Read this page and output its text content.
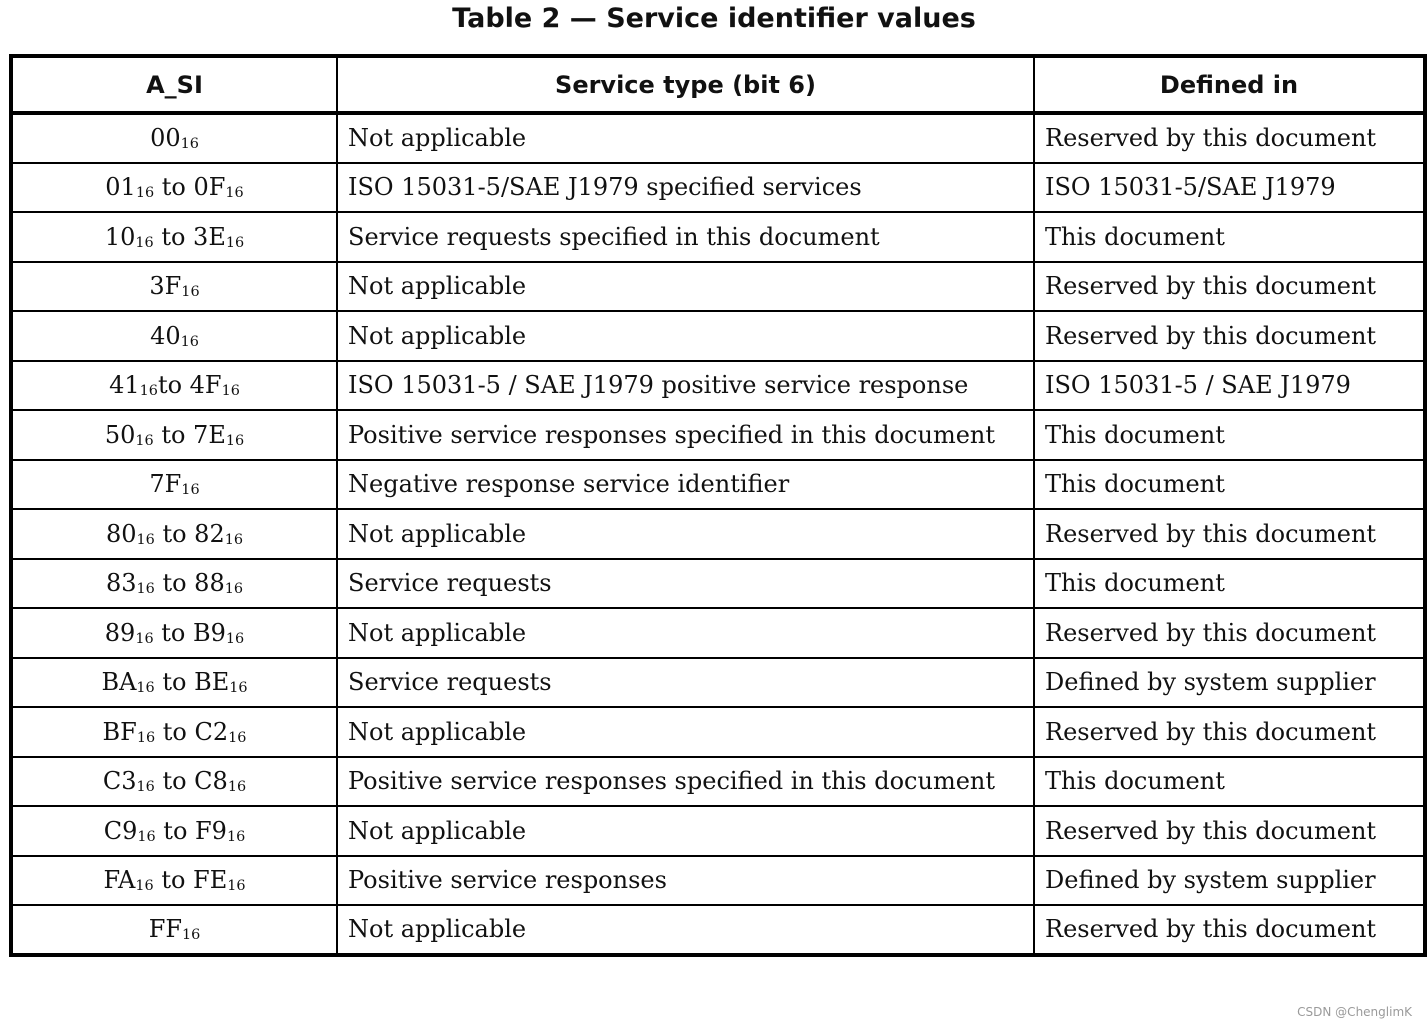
Table 2 — Service identifier values
A_SI	Service type (bit 6)	Defined in
$00_{16}$	Not applicable	Reserved by this document
$01_{16}$ to $0F_{16}$	ISO 15031-5/SAE J1979 specified services	ISO 15031-5/SAE J1979
$10_{16}$ to $3E_{16}$	Service requests specified in this document	This document
$3F_{16}$	Not applicable	Reserved by this document
$40_{16}$	Not applicable	Reserved by this document
$41_{16}to$ $4F_{16}$	ISO 15031-5 / SAE J1979 positive service response	ISO 15031-5 / SAE J1979
$50_{16}$ to $7E_{16}$	Positive service responses specified in this document	This document
$7F_{16}$	Negative response service identifier	This document
$80_{16}$ to $82_{16}$	Not applicable	Reserved by this document
$83_{16}$ to $88_{16}$	Service requests	This document
$89_{16}$ to $B9_{16}$	Not applicable	Reserved by this document
$BA_{16}$ to $BE_{16}$	Service requests	Defined by system supplier
$BF_{16}$ to $C2_{16}$	Not applicable	Reserved by this document
$C3_{16}$ to $C8_{16}$	Positive service responses specified in this document	This document
$C9_{16}$ to $F9_{16}$	Not applicable	Reserved by this document
$FA_{16}$ to $FE_{16}$	Positive service responses	Defined by system supplier
$FF_{16}$	Not applicable	Reserved by this document
CSDN @ChenglimK
